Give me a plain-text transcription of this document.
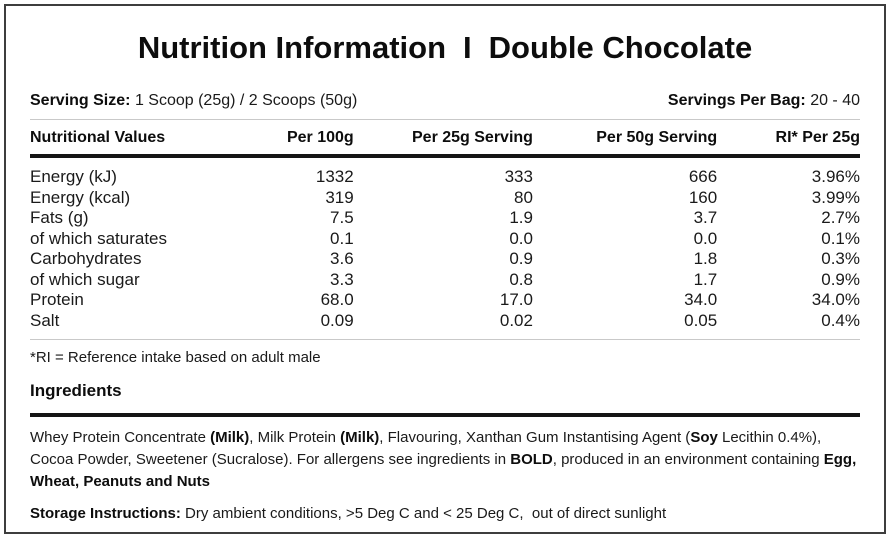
Nutrition Information I Double Chocolate
Serving Size: 1 Scoop (25g) / 2 Scoops (50g)	Servings Per Bag: 20 - 40
Nutritional Values	Per 100g	Per 25g Serving	Per 50g Serving	RI* Per 25g
Energy (kJ)	1332	333	666	3.96%
Energy (kcal)	319	80	160	3.99%
Fats (g)	7.5	1.9	3.7	2.7%
of which saturates	0.1	0.0	0.0	0.1%
Carbohydrates	3.6	0.9	1.8	0.3%
of which sugar	3.3	0.8	1.7	0.9%
Protein	68.0	17.0	34.0	34.0%
Salt	0.09	0.02	0.05	0.4%

*RI = Reference intake based on adult male

Ingredients

Whey Protein Concentrate (Milk), Milk Protein (Milk), Flavouring, Xanthan Gum Instantising Agent (Soy Lecithin 0.4%), Cocoa Powder, Sweetener (Sucralose). For allergens see ingredients in BOLD, produced in an environment containing Egg, Wheat, Peanuts and Nuts

Storage Instructions: Dry ambient conditions, >5 Deg C and < 25 Deg C,  out of direct sunlight
